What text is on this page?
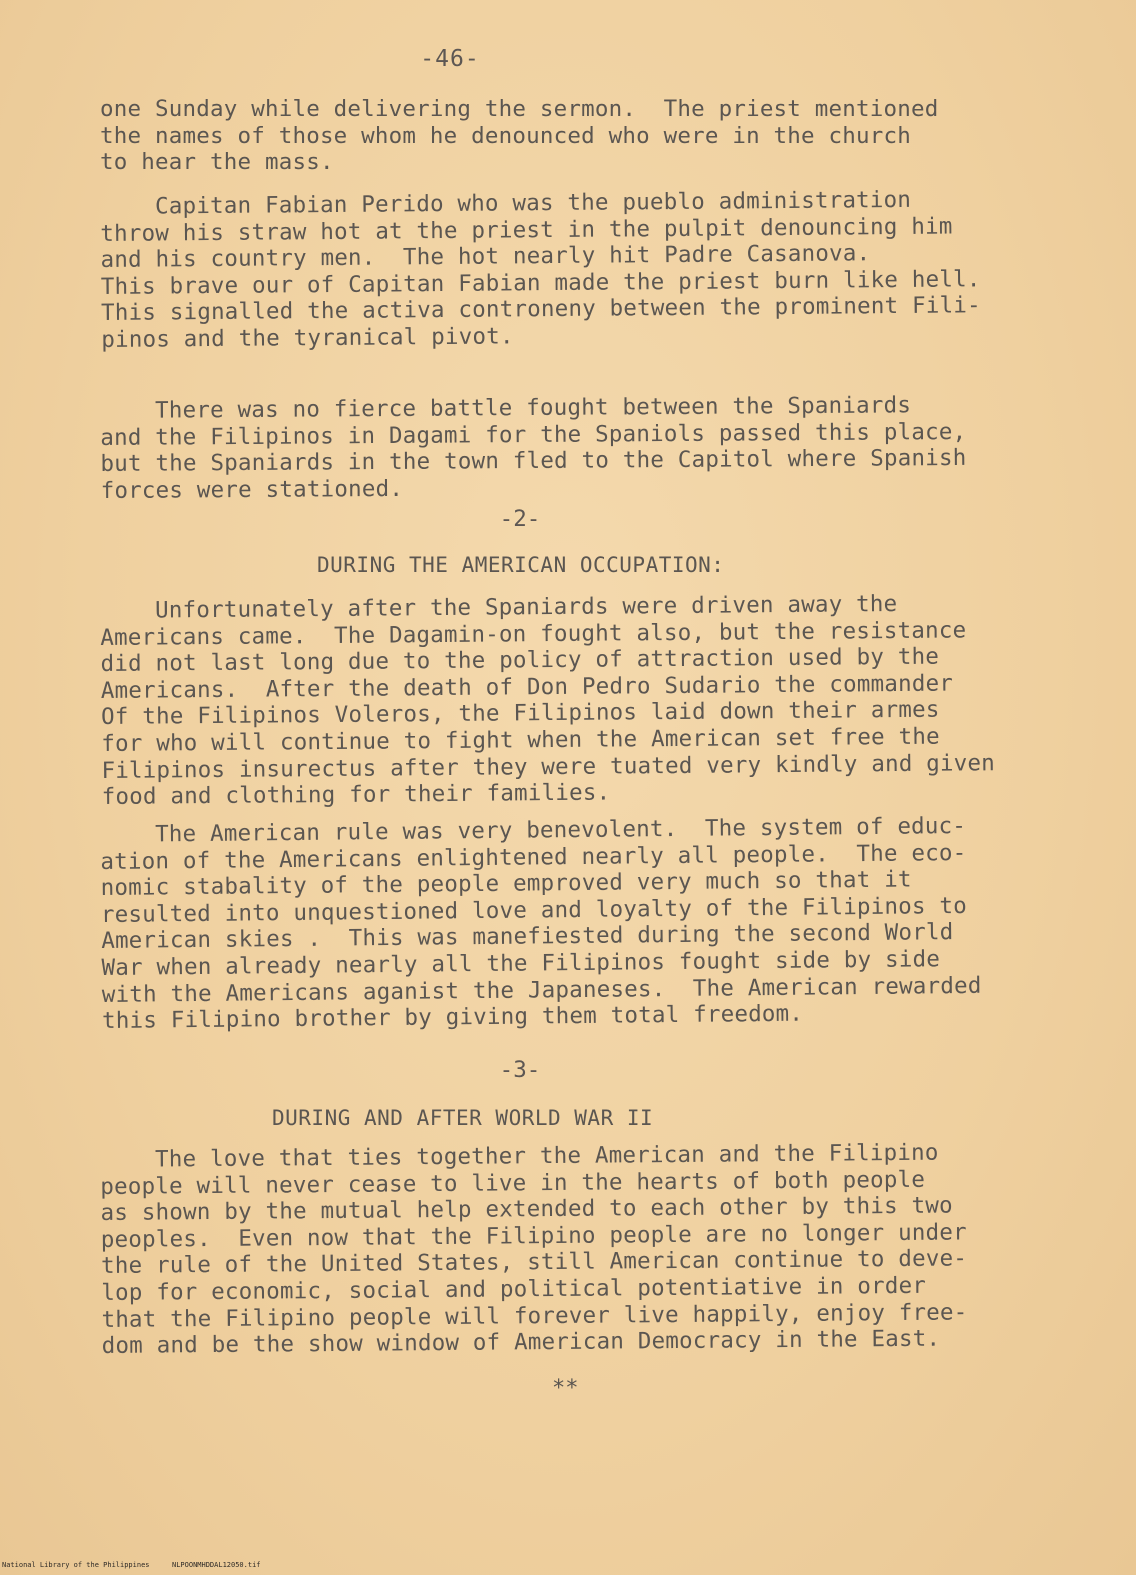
-46-

one Sunday while delivering the sermon.  The priest mentioned
the names of those whom he denounced who were in the church
to hear the mass.

Capitan Fabian Perido who was the pueblo administration
throw his straw hot at the priest in the pulpit denouncing him
and his country men.  The hot nearly hit Padre Casanova.
This brave our of Capitan Fabian made the priest burn like hell.
This signalled the activa controneny between the prominent Fili-
pinos and the tyranical pivot.

There was no fierce battle fought between the Spaniards
and the Filipinos in Dagami for the Spaniols passed this place,
but the Spaniards in the town fled to the Capitol where Spanish
forces were stationed.

-2-
DURING THE AMERICAN OCCUPATION:

Unfortunately after the Spaniards were driven away the
Americans came.  The Dagamin-on fought also, but the resistance
did not last long due to the policy of attraction used by the
Americans.  After the death of Don Pedro Sudario the commander
Of the Filipinos Voleros, the Filipinos laid down their armes
for who will continue to fight when the American set free the
Filipinos insurectus after they were tuated very kindly and given
food and clothing for their families.

The American rule was very benevolent.  The system of educ-
ation of the Americans enlightened nearly all people.  The eco-
nomic stabality of the people emproved very much so that it
resulted into unquestioned love and loyalty of the Filipinos to
American skies .  This was manefiested during the second World
War when already nearly all the Filipinos fought side by side
with the Americans aganist the Japaneses.  The American rewarded
this Filipino brother by giving them total freedom.

-3-
DURING AND AFTER WORLD WAR II

The love that ties together the American and the Filipino
people will never cease to live in the hearts of both people
as shown by the mutual help extended to each other by this two
peoples.  Even now that the Filipino people are no longer under
the rule of the United States, still American continue to deve-
lop for economic, social and political potentiative in order
that the Filipino people will forever live happily, enjoy free-
dom and be the show window of American Democracy in the East.

**
National Library of the Philippines	NLPOONMHDDAL12050.tif
